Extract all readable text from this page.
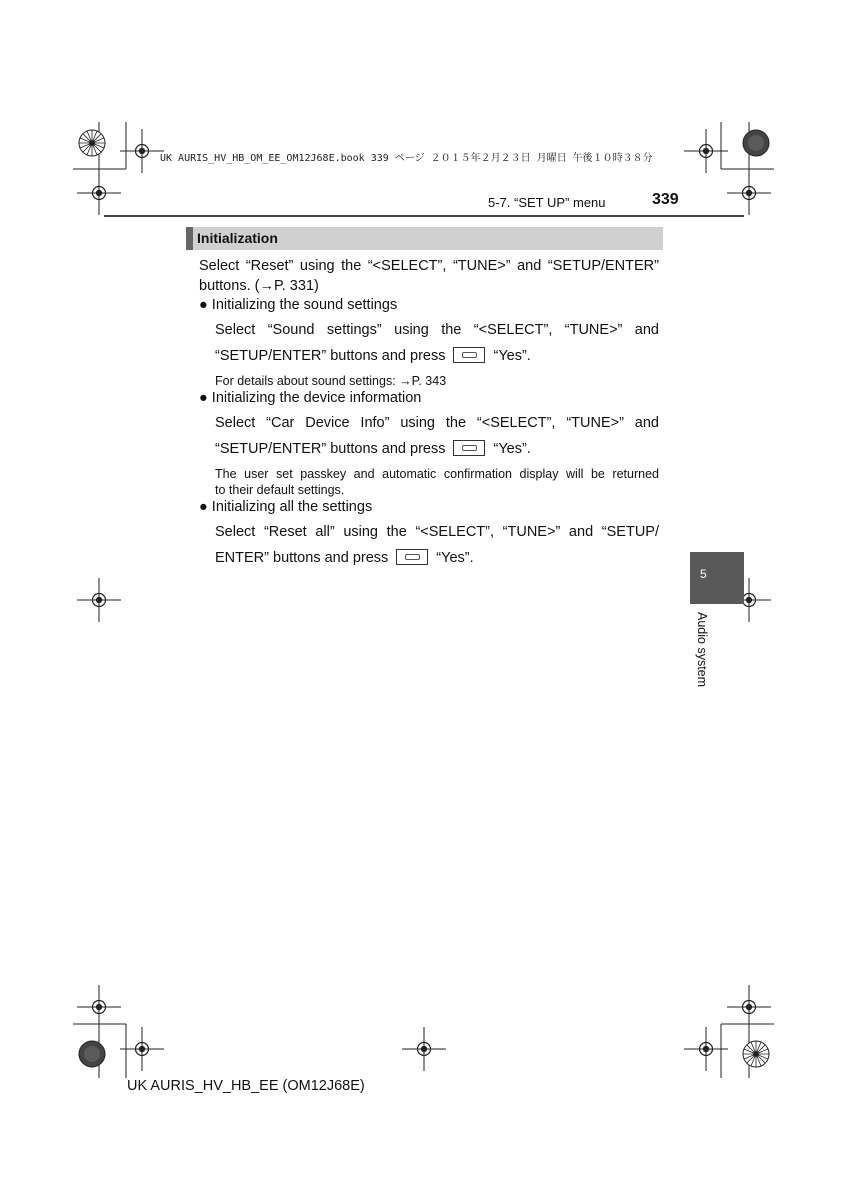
UK AURIS_HV_HB_OM_EE_OM12J68E.book 339 ページ ２０１５年２月２３日 月曜日 午後１０時３８分
5-7. “SET UP” menu	339
Initialization
Select “Reset” using the “<SELECT”, “TUNE>” and “SETUP/ENTER”
buttons. (→P. 331)
● Initializing the sound settings
Select “Sound settings” using the “<SELECT”, “TUNE>” and
“SETUP/ENTER” buttons and press	“Yes”.
For details about sound settings: →P. 343
● Initializing the device information
Select “Car Device Info” using the “<SELECT”, “TUNE>” and
“SETUP/ENTER” buttons and press	“Yes”.
The user set passkey and automatic confirmation display will be returned
to their default settings.
● Initializing all the settings
Select “Reset all” using the “<SELECT”, “TUNE>” and “SETUP/
ENTER” buttons and press	“Yes”.
5
Audio system
UK AURIS_HV_HB_EE (OM12J68E)
